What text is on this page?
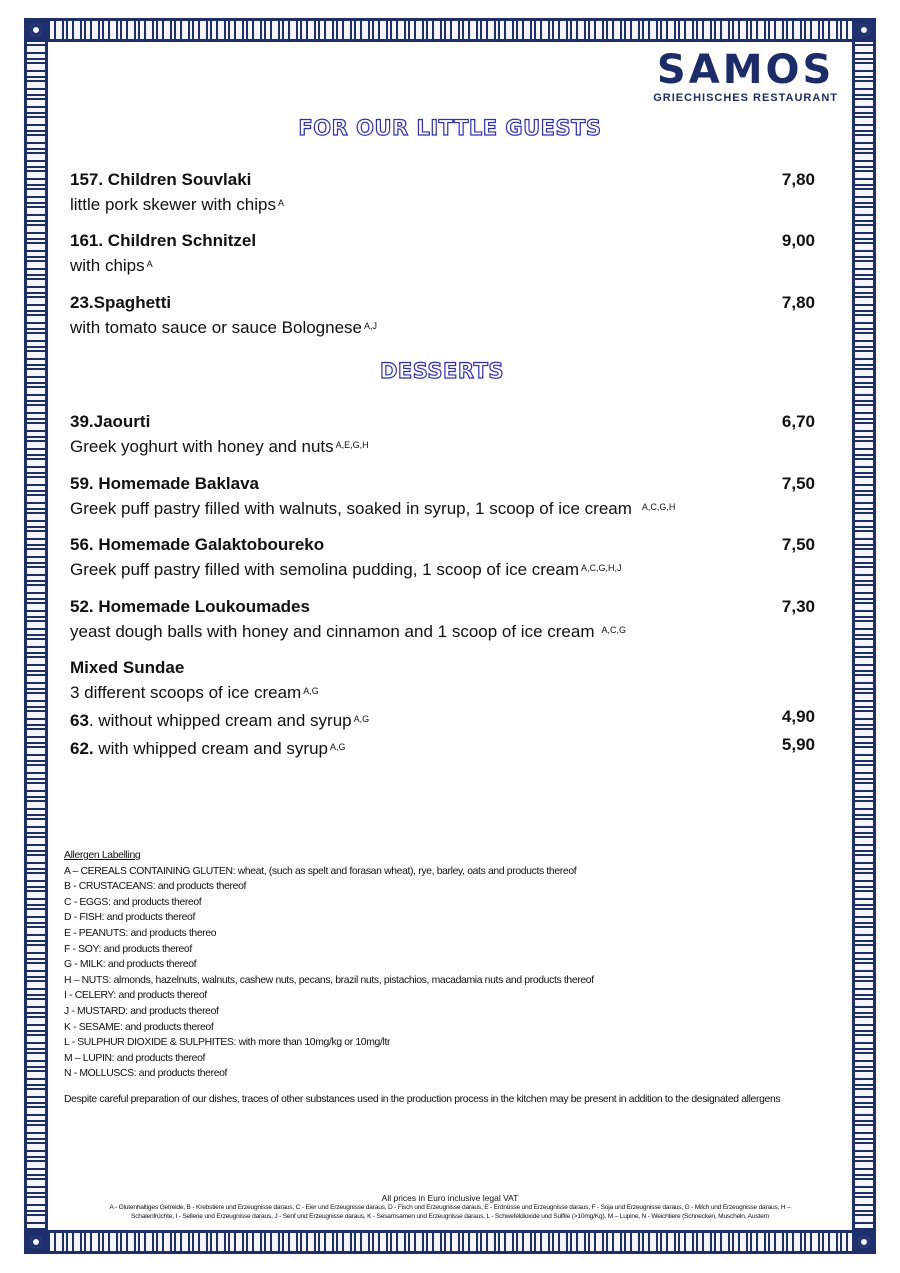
SAMOS
GRIECHISCHES RESTAURANT
FOR OUR LITTLE GUESTS
157. Children Souvlaki
little pork skewer with chips $^A$
7,80
161. Children Schnitzel
with chips $^A$
9,00
23.Spaghetti
with tomato sauce or sauce Bolognese $^{A,J}$
7,80
DESSERTS
39.Jaourti
Greek yoghurt with honey and nuts $^{A,E,G,H}$
6,70
59. Homemade Baklava
Greek puff pastry filled with walnuts, soaked in syrup, 1 scoop of ice cream $^{A,C,G,H}$
7,50
56. Homemade Galaktoboureko
Greek puff pastry filled with semolina pudding, 1 scoop of ice cream $^{A,C,G,H,J}$
7,50
52. Homemade Loukoumades
yeast dough balls with honey and cinnamon and 1 scoop of ice cream $^{A,C,G}$
7,30
Mixed Sundae
3 different scoops of ice cream $^{A,G}$
63. without whipped cream and syrup $^{A,G}$	4,90
62. with whipped cream and syrup $^{A,G}$	5,90
Allergen Labelling
A – CEREALS CONTAINING GLUTEN: wheat, (such as spelt and forasan wheat), rye, barley, oats and products thereof
B - CRUSTACEANS: and products thereof
C - EGGS: and products thereof
D - FISH: and products thereof
E - PEANUTS: and products thereo
F - SOY: and products thereof
G - MILK: and products thereof
H – NUTS: almonds, hazelnuts, walnuts, cashew nuts, pecans, brazil nuts, pistachios, macadamia nuts and products thereof
I - CELERY: and products thereof
J - MUSTARD: and products thereof
K - SESAME: and products thereof
L - SULPHUR DIOXIDE & SULPHITES: with more than 10mg/kg or 10mg/ltr
M – LUPIN: and products thereof
N - MOLLUSCS: and products thereof
Despite careful preparation of our dishes, traces of other substances used in the production process in the kitchen may be present in addition to the designated allergens
All prices in Euro inclusive legal VAT
A - Glutenhaltiges Getreide, B - Krebstiere und Erzeugnisse daraus, C - Eier und Erzeugnisse daraus, D - Fisch und Erzeugnisse daraus, E - Erdnüsse und Erzeugnisse daraus, F - Soja und Erzeugnisse daraus, G - Milch und Erzeugnisse daraus, H –
Schalenfrüchte, I - Sellerie und Erzeugnisse daraus, J - Senf und Erzeugnisse daraus, K - Sesamsamen und Erzeugnisse daraus, L - Schwefeldioxide und Sulfite (>10mg/Kg), M – Lupine, N - Weichtiere (Schnecken, Muscheln, Austern
